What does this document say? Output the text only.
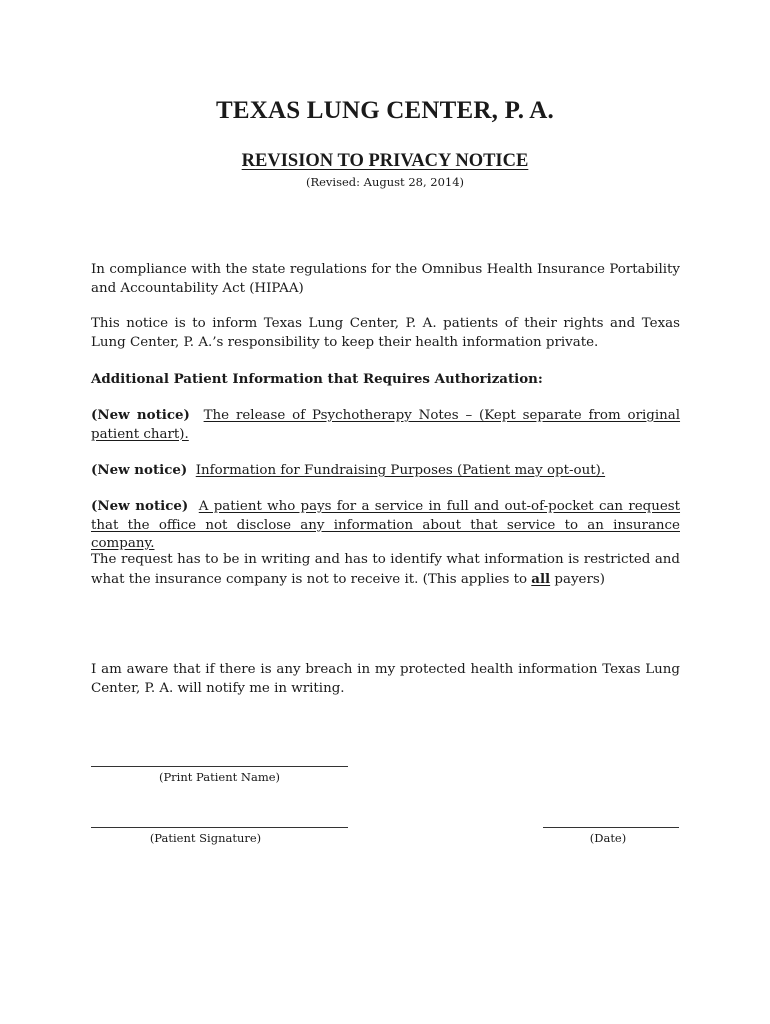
TEXAS LUNG CENTER, P. A.
REVISION TO PRIVACY NOTICE

(Revised: August 28, 2014)

In compliance with the state regulations for the Omnibus Health Insurance Portability and Accountability Act (HIPAA)

This notice is to inform Texas Lung Center, P. A. patients of their rights and Texas Lung Center, P. A.’s responsibility to keep their health information private.

Additional Patient Information that Requires Authorization:

(New notice) The release of Psychotherapy Notes – (Kept separate from original patient chart).

(New notice) Information for Fundraising Purposes (Patient may opt-out).

(New notice) A patient who pays for a service in full and out-of-pocket can request that the office not disclose any information about that service to an insurance company.

The request has to be in writing and has to identify what information is restricted and what the insurance company is not to receive it. (This applies to all payers)

I am aware that if there is any breach in my protected health information Texas Lung Center, P. A. will notify me in writing.

(Print Patient Name)

(Patient Signature)	(Date)
